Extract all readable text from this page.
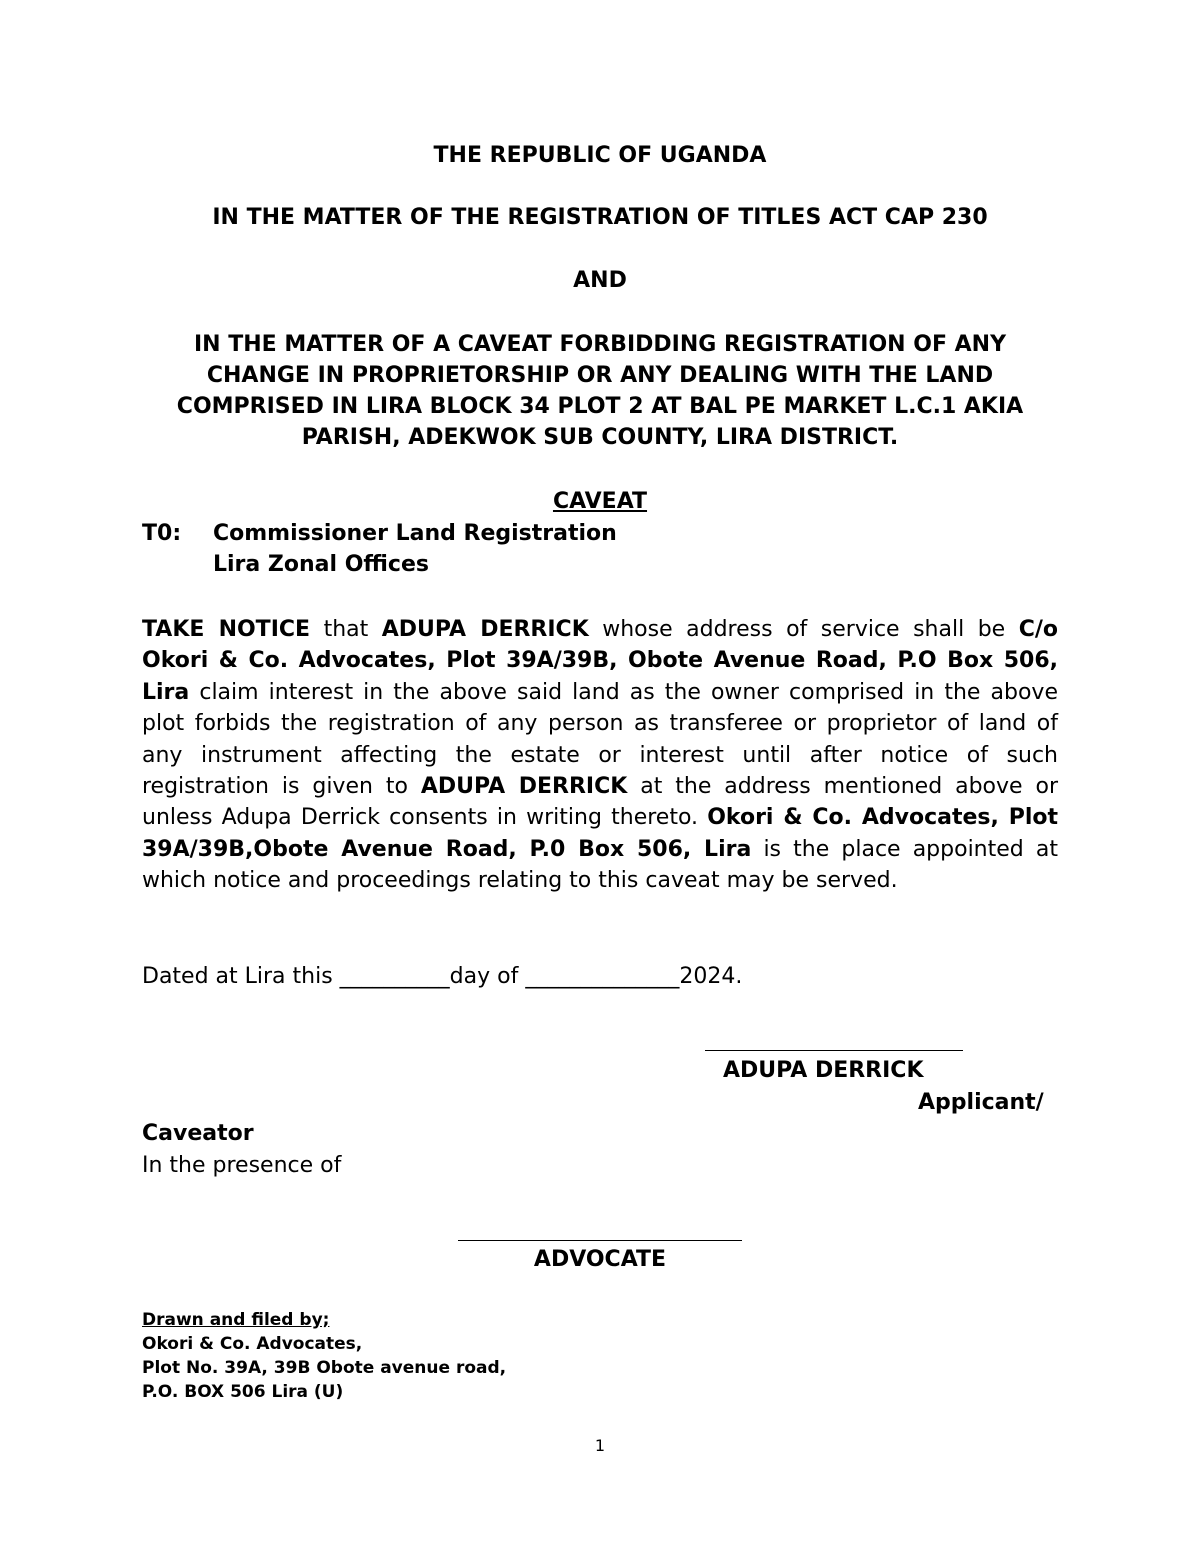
THE REPUBLIC OF UGANDA
IN THE MATTER OF THE REGISTRATION OF TITLES ACT CAP 230
AND
IN THE MATTER OF A CAVEAT FORBIDDING REGISTRATION OF ANY
CHANGE IN PROPRIETORSHIP OR ANY DEALING WITH THE LAND
COMPRISED IN LIRA BLOCK 34 PLOT 2 AT BAL PE MARKET L.C.1 AKIA
PARISH, ADEKWOK SUB COUNTY, LIRA DISTRICT.
CAVEAT
T0: Commissioner Land Registration
Lira Zonal Offices
TAKE NOTICE that ADUPA DERRICK whose address of service shall be C/o Okori & Co. Advocates, Plot 39A/39B, Obote Avenue Road, P.O Box 506, Lira claim interest in the above said land as the owner comprised in the above plot forbids the registration of any person as transferee or proprietor of land of any instrument affecting the estate or interest until after notice of such registration is given to ADUPA DERRICK at the address mentioned above or unless Adupa Derrick consents in writing thereto. Okori & Co. Advocates, Plot 39A/39B,Obote Avenue Road, P.0 Box 506, Lira is the place appointed at which notice and proceedings relating to this caveat may be served.
Dated at Lira this __________day of ______________2024.
ADUPA DERRICK
Applicant/
Caveator
In the presence of
ADVOCATE
Drawn and filed by;
Okori & Co. Advocates,
Plot No. 39A, 39B Obote avenue road,
P.O. BOX 506 Lira (U)
1
